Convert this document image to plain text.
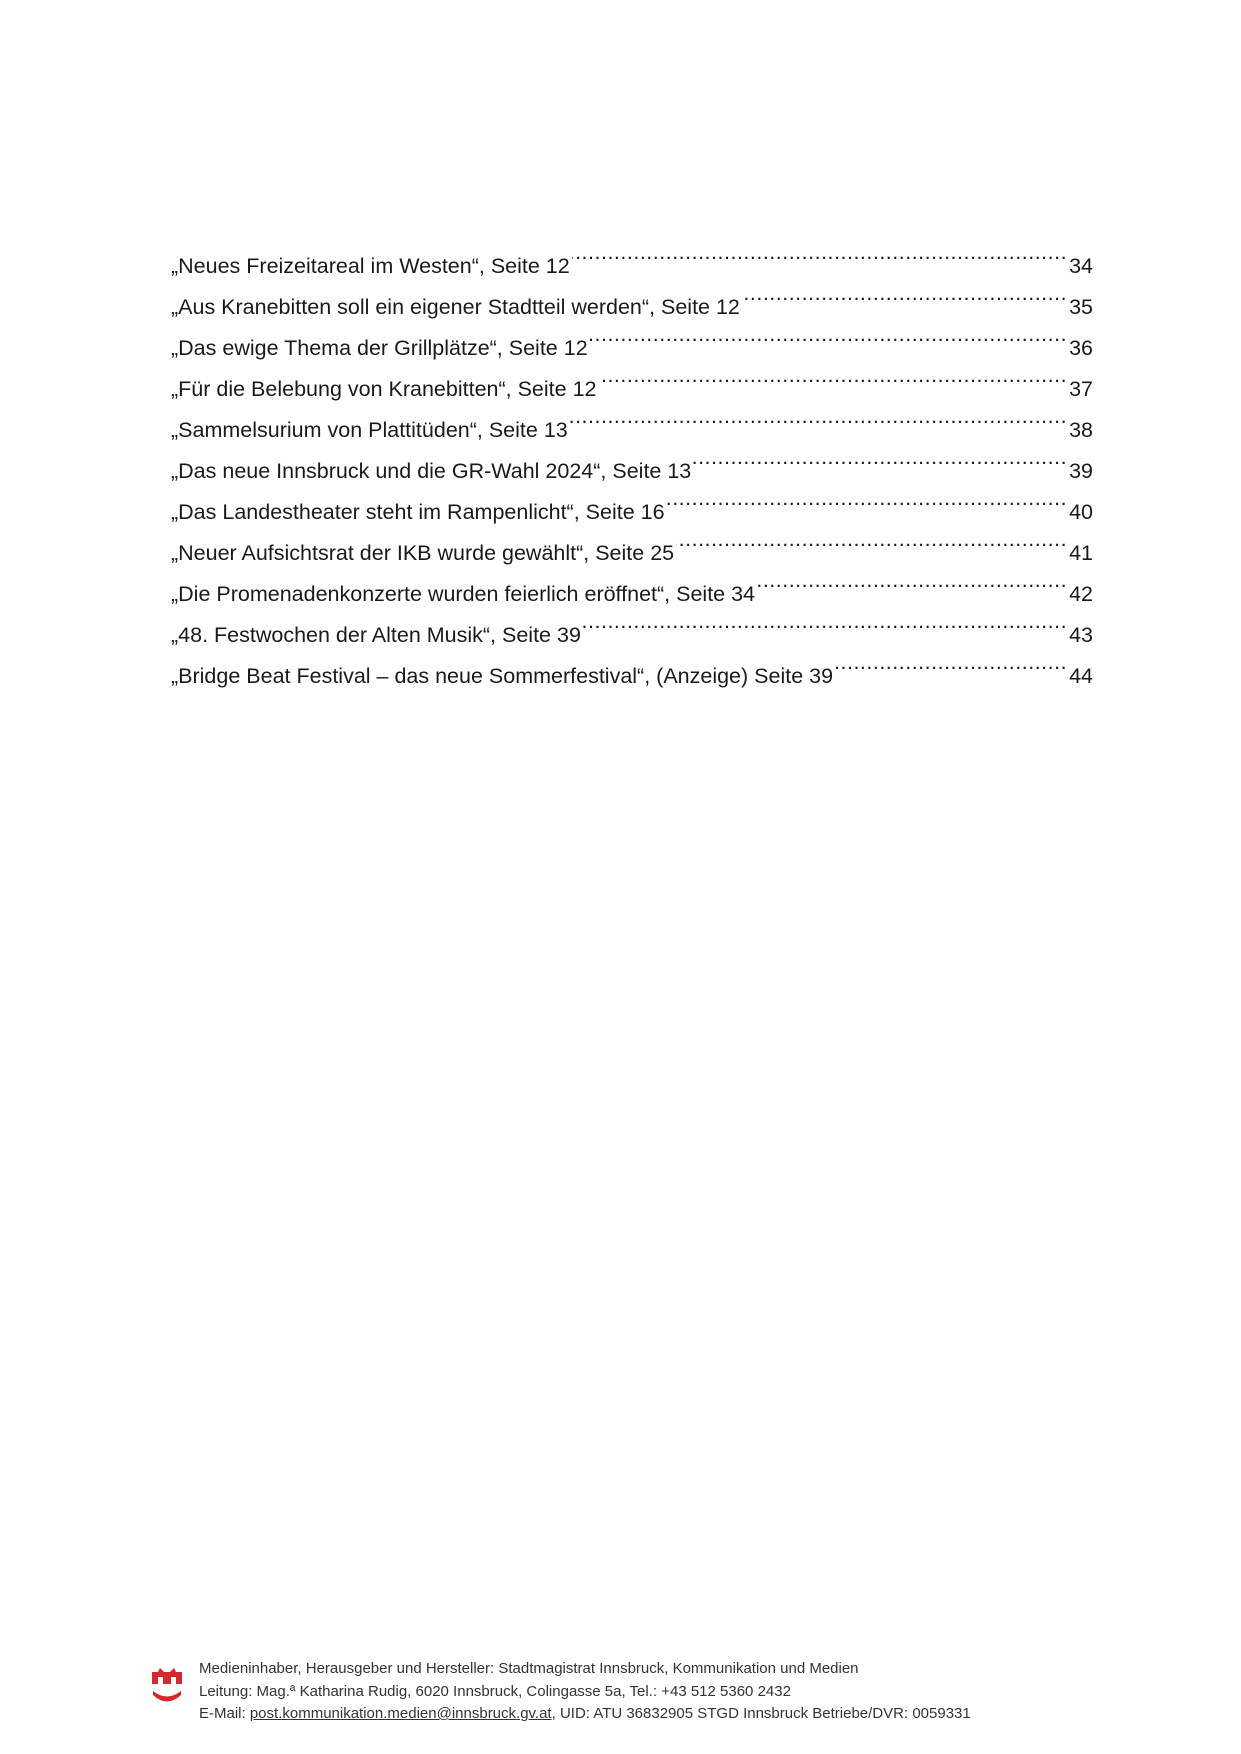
„Neues Freizeitareal im Westen“, Seite 12 .....	34
„Aus Kranebitten soll ein eigener Stadtteil werden“, Seite 12 .....	35
„Das ewige Thema der Grillplätze“, Seite 12 .....	36
„Für die Belebung von Kranebitten“, Seite 12 .....	37
„Sammelsurium von Plattitüden“, Seite 13 .....	38
„Das neue Innsbruck und die GR-Wahl 2024“, Seite 13 .....	39
„Das Landestheater steht im Rampenlicht“, Seite 16 .....	40
„Neuer Aufsichtsrat der IKB wurde gewählt“, Seite 25 .....	41
„Die Promenadenkonzerte wurden feierlich eröffnet“, Seite 34 .....	42
„48. Festwochen der Alten Musik“, Seite 39 .....	43
„Bridge Beat Festival – das neue Sommerfestival“, (Anzeige) Seite 39 .....	44
Medieninhaber, Herausgeber und Hersteller: Stadtmagistrat Innsbruck, Kommunikation und Medien
Leitung: Mag.ª Katharina Rudig, 6020 Innsbruck, Colingasse 5a, Tel.: +43 512 5360 2432
E-Mail: post.kommunikation.medien@innsbruck.gv.at, UID: ATU 36832905 STGD Innsbruck Betriebe/DVR: 0059331
